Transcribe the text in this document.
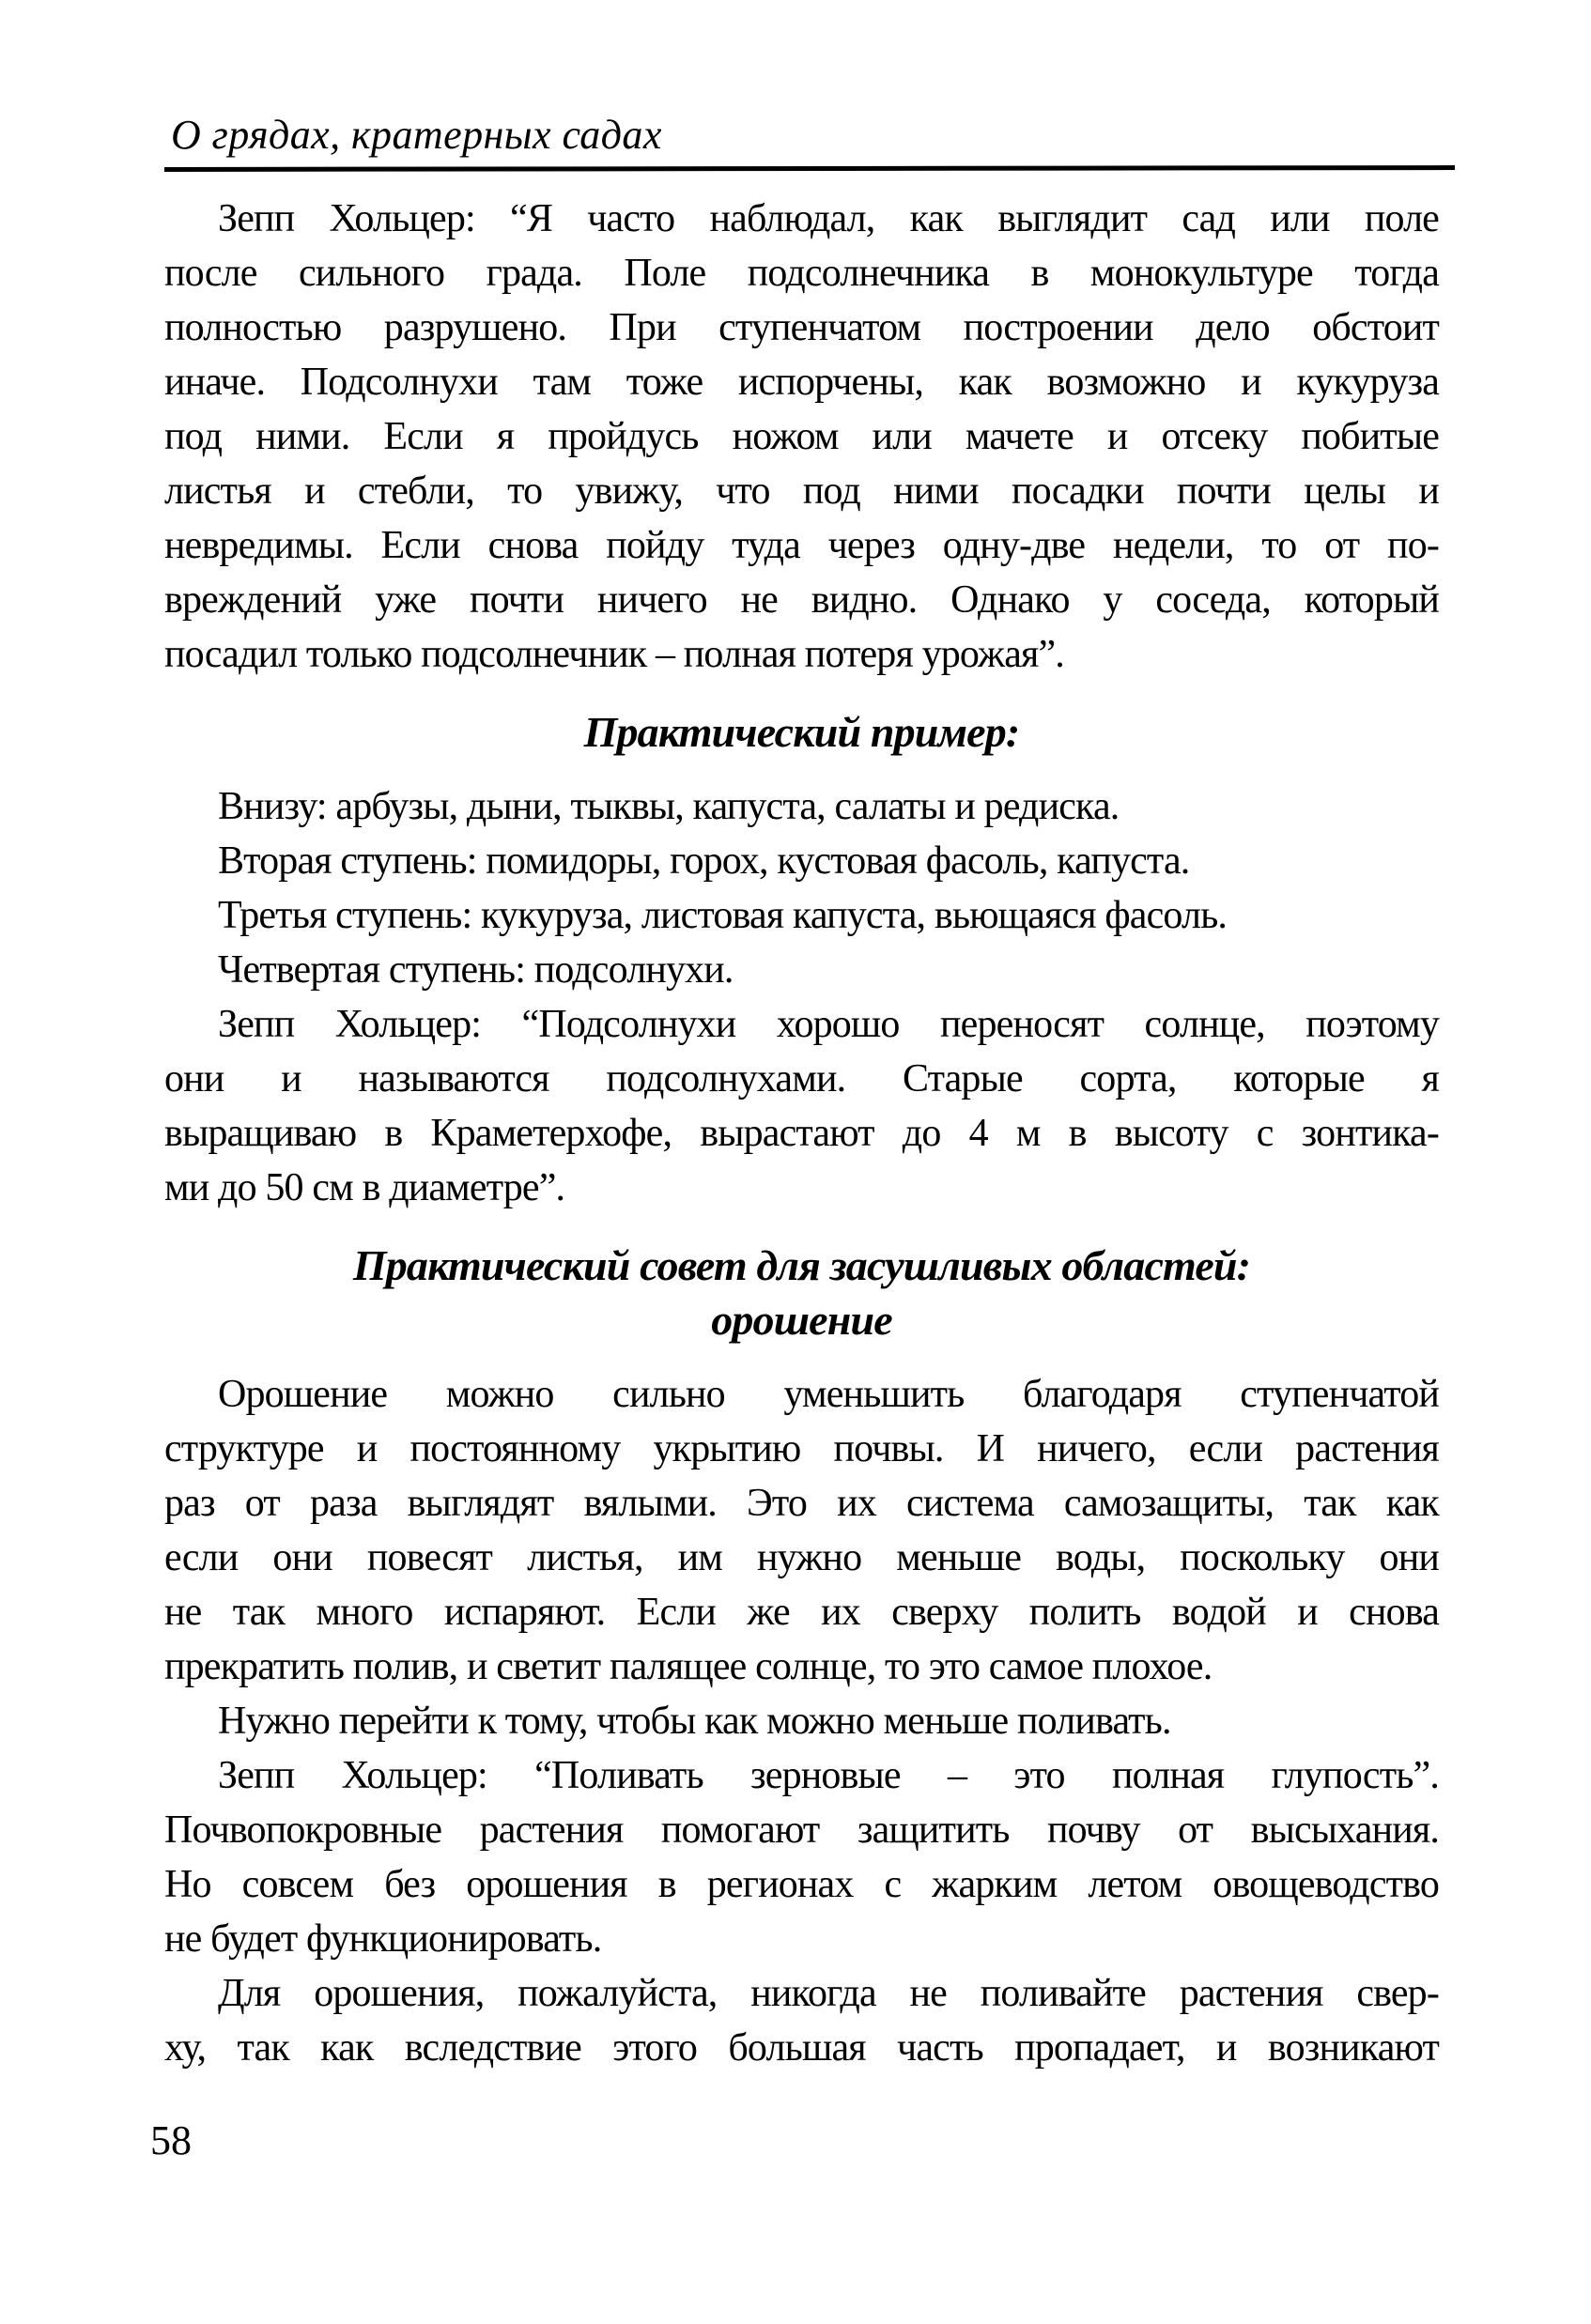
О грядах, кратерных садах
Зепп Хольцер: “Я часто наблюдал, как выглядит сад или поле
после сильного града. Поле подсолнечника в монокультуре тогда
полностью разрушено. При ступенчатом построении дело обстоит
иначе. Подсолнухи там тоже испорчены, как возможно и кукуруза
под ними. Если я пройдусь ножом или мачете и отсеку побитые
листья и стебли, то увижу, что под ними посадки почти целы и
невредимы. Если снова пойду туда через одну-две недели, то от по-
вреждений уже почти ничего не видно. Однако у соседа, который
посадил только подсолнечник – полная потеря урожая”.
Практический пример:
Внизу: арбузы, дыни, тыквы, капуста, салаты и редиска.
Вторая ступень: помидоры, горох, кустовая фасоль, капуста.
Третья ступень: кукуруза, листовая капуста, вьющаяся фасоль.
Четвертая ступень: подсолнухи.
Зепп Хольцер: “Подсолнухи хорошо переносят солнце, поэтому
они и называются подсолнухами. Старые сорта, которые я
выращиваю в Краметерхофе, вырастают до 4 м в высоту с зонтика-
ми до 50 см в диаметре”.
Практический совет для засушливых областей:
орошение
Орошение можно сильно уменьшить благодаря ступенчатой
структуре и постоянному укрытию почвы. И ничего, если растения
раз от раза выглядят вялыми. Это их система самозащиты, так как
если они повесят листья, им нужно меньше воды, поскольку они
не так много испаряют. Если же их сверху полить водой и снова
прекратить полив, и светит палящее солнце, то это самое плохое.
Нужно перейти к тому, чтобы как можно меньше поливать.
Зепп Хольцер: “Поливать зерновые – это полная глупость”.
Почвопокровные растения помогают защитить почву от высыхания.
Но совсем без орошения в регионах с жарким летом овощеводство
не будет функционировать.
Для орошения, пожалуйста, никогда не поливайте растения свер-
ху, так как вследствие этого большая часть пропадает, и возникают
58
